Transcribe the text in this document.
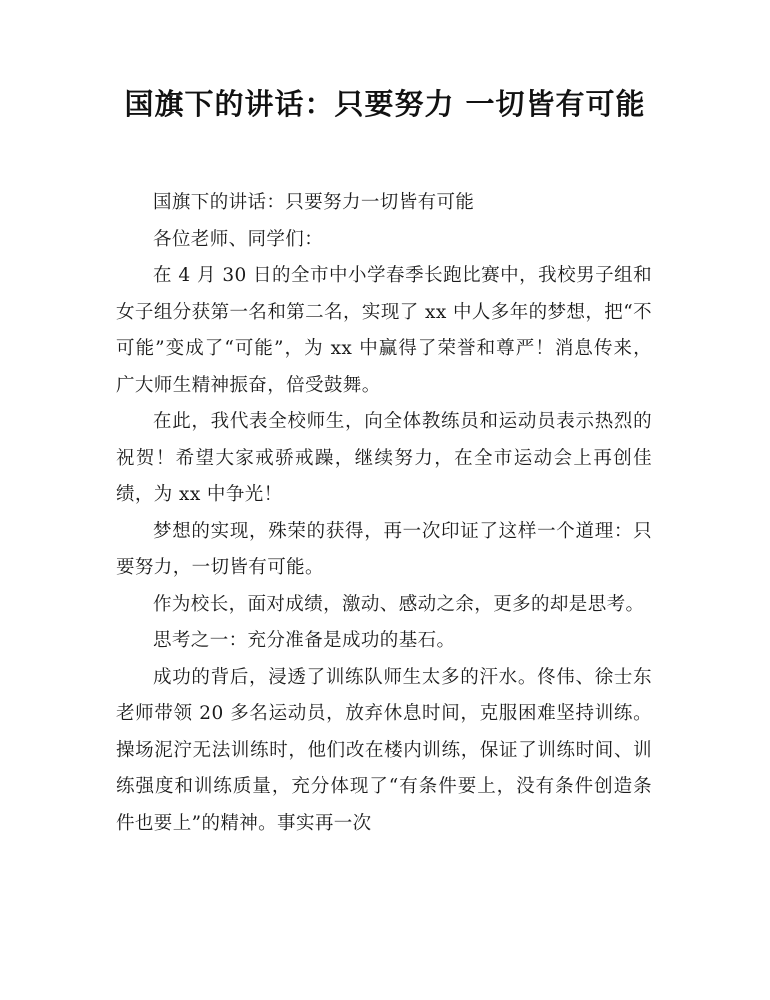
国旗下的讲话：只要努力 一切皆有可能

国旗下的讲话：只要努力一切皆有可能

各位老师、同学们：

在 4 月 30 日的全市中小学春季长跑比赛中，我校男子组和女子组分获第一名和第二名，实现了 xx 中人多年的梦想，把“不可能”变成了“可能”，为 xx 中赢得了荣誉和尊严！消息传来，广大师生精神振奋，倍受鼓舞。

在此，我代表全校师生，向全体教练员和运动员表示热烈的祝贺！希望大家戒骄戒躁，继续努力，在全市运动会上再创佳绩，为 xx 中争光！

梦想的实现，殊荣的获得，再一次印证了这样一个道理：只要努力，一切皆有可能。

作为校长，面对成绩，激动、感动之余，更多的却是思考。

思考之一：充分准备是成功的基石。

成功的背后，浸透了训练队师生太多的汗水。佟伟、徐士东老师带领 20 多名运动员，放弃休息时间，克服困难坚持训练。操场泥泞无法训练时，他们改在楼内训练，保证了训练时间、训练强度和训练质量，充分体现了“有条件要上，没有条件创造条件也要上”的精神。事实再一次
